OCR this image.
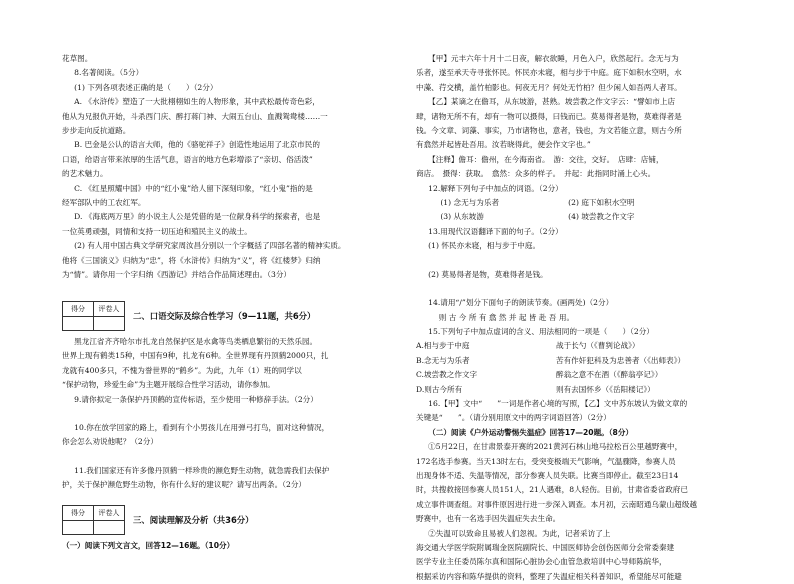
花草图。

8.名著阅读。（5分）

(1) 下列各项表述正确的是（　　）（2分）

A. 《水浒传》塑造了一大批栩栩如生的人物形象，其中武松最传奇色彩，

他从为兄报仇开始，斗杀西门庆、醉打蒋门神、大闹五台山、血溅鸳鸯楼……一

步步走向反抗道路。

B. 巴金是公认的语言大师，他的《骆驼祥子》创造性地运用了北京市民的

口语，给语言带来浓厚的生活气息，语言的地方色彩增添了“亲切、俗活泼”

的艺术魅力。

C. 《红星照耀中国》中的“红小鬼”给人留下深刻印象，“红小鬼”指的是

经军部队中的工农红军。

D. 《海底两万里》的小说主人公是凭借的是一位献身科学的探索者，也是

一位英勇顽强，同情和支持一切压迫和殖民主义的战士。

(2) 有人用中国古典文学研究家周汝昌分别以一个字概括了四部名著的精神实质。

他将《三国演义》归纳为“忠”，将《水浒传》归纳为“义”，将《红楼梦》归纳

为“情”。请你用一个字归纳《西游记》并结合作品简述理由。（3分）

得分	评卷人

二、口语交际及综合性学习（9—11题，共6分）

黑龙江省齐齐哈尔市扎龙自然保护区是水禽等鸟类栖息繁衍的天然乐园。

世界上现有鹤类15种，中国有9种，扎龙有6种。全世界现有丹顶鹤2000只，扎

龙就有400多只，不愧为誉世界的“鹤乡”。为此，九年（1）班的同学以

“保护动物，珍爱生命”为主题开展综合性学习活动，请你参加。

9.请你拟定一条保护丹顶鹤的宣传标语，至少使用一种修辞手法。（2分）

10.你在放学回家的路上，看到有个小男孩儿在用弹弓打鸟，面对这种情况，

你会怎么劝说他呢？（2分）

11.我们国家还有许多像丹顶鹤一样珍贵的濒危野生动物，就急需我们去保护

护，关于保护濒危野生动物，你有什么好的建议呢？请写出两条。（2分）

得分	评卷人

三、阅读理解及分析（共36分）

（一）阅读下列文言文，回答12—16题。（10分）

【甲】元丰六年十月十二日夜，解衣欲睡，月色入户，欣然起行。念无与为

乐者，遂至承天寺寻张怀民。怀民亦未寝，相与步于中庭。庭下如积水空明，水

中藻、荇交横，盖竹柏影也。何夜无月？何处无竹柏？但少闲人如吾两人者耳。

【乙】某谪之在儋耳，从东坡游，甚熟。坡尝教之作文字云：“譬如市上店

肆，诸物无所不有，却有一物可以摄得，曰钱而已。莫易得者是物，莫难得者是

钱。今文章、词藻、事实，乃市诸物也，意者，钱也，为文若能立意，则古今所

有翕然并起皆赴吾用。汝若晓得此，便会作文字也。”

【注释】儋耳：儋州，在今海南省。　游：交往，交好。　店肆：店铺，

商店。　摄得：获取。　翕然：众多的样子。　并起：此指同时涌上心头。

12.解释下列句子中加点的词语。（2分）

(1) 念无与为乐者	(2) 庭下如积水空明

(3) 从东坡游	(4) 坡尝教之作文字

13.用现代汉语翻译下面的句子。（2分）

(1) 怀民亦未寝，相与步于中庭。

(2) 莫易得者是物，莫难得者是钱。

14.请用“/”划分下面句子的朗读节奏。(画两处)（2分）

则 古 今 所 有 翕 然 并 起 皆 赴 吾 用。

15.下列句子中加点虚词的含义、用法相同的一项是（　　）（2分）

A.相与步于中庭	战于长勺（《曹刿论战》）

B.念无与为乐者	苦有作奸犯科及为忠善者（《出师表》）

C.坡尝教之作文字	醉翁之意不在酒（《醉翁亭记》）

D.则古今所有	则有去国怀乡（《岳阳楼记》）

16.【甲】文中“　　”一词是作者心境的写照，【乙】文中苏东坡认为做文章的

关键是“　　”。（请分别用原文中的两字词语回答）（2分）

（二）阅读《户外运动警惕失温症》回答17—20题。（8分）

①5月22日，在甘肃景泰开赛的2021黄河石林山地马拉松百公里越野赛中，

172名选手参赛。当天13时左右，受突变极端天气影响，气温骤降，参赛人员

出现身体不适、失温等情况，部分参赛人员失联。比赛当即停止。截至23日14

时，共搜救接回参赛人员151人，21人遇难，8人轻伤。目前，甘肃省委省政府已

成立事件调查组。对事件原因进行进一步深入调查。本月初，云南昭通乌蒙山超级越

野赛中，也有一名选手因失温症失去生命。

②失温可以致命且易被人们忽视。为此，记者采访了上

海交通大学医学院附属瑞金医院副院长、中国医师协会创伤医师分会常委秦建

医学专业主任委员陈尔真和国际心脏协会心血管急救培训中心导师陈皖华，

根据采访内容和陈华提供的资料，整理了失温症相关科普知识，希望能尽可能避
